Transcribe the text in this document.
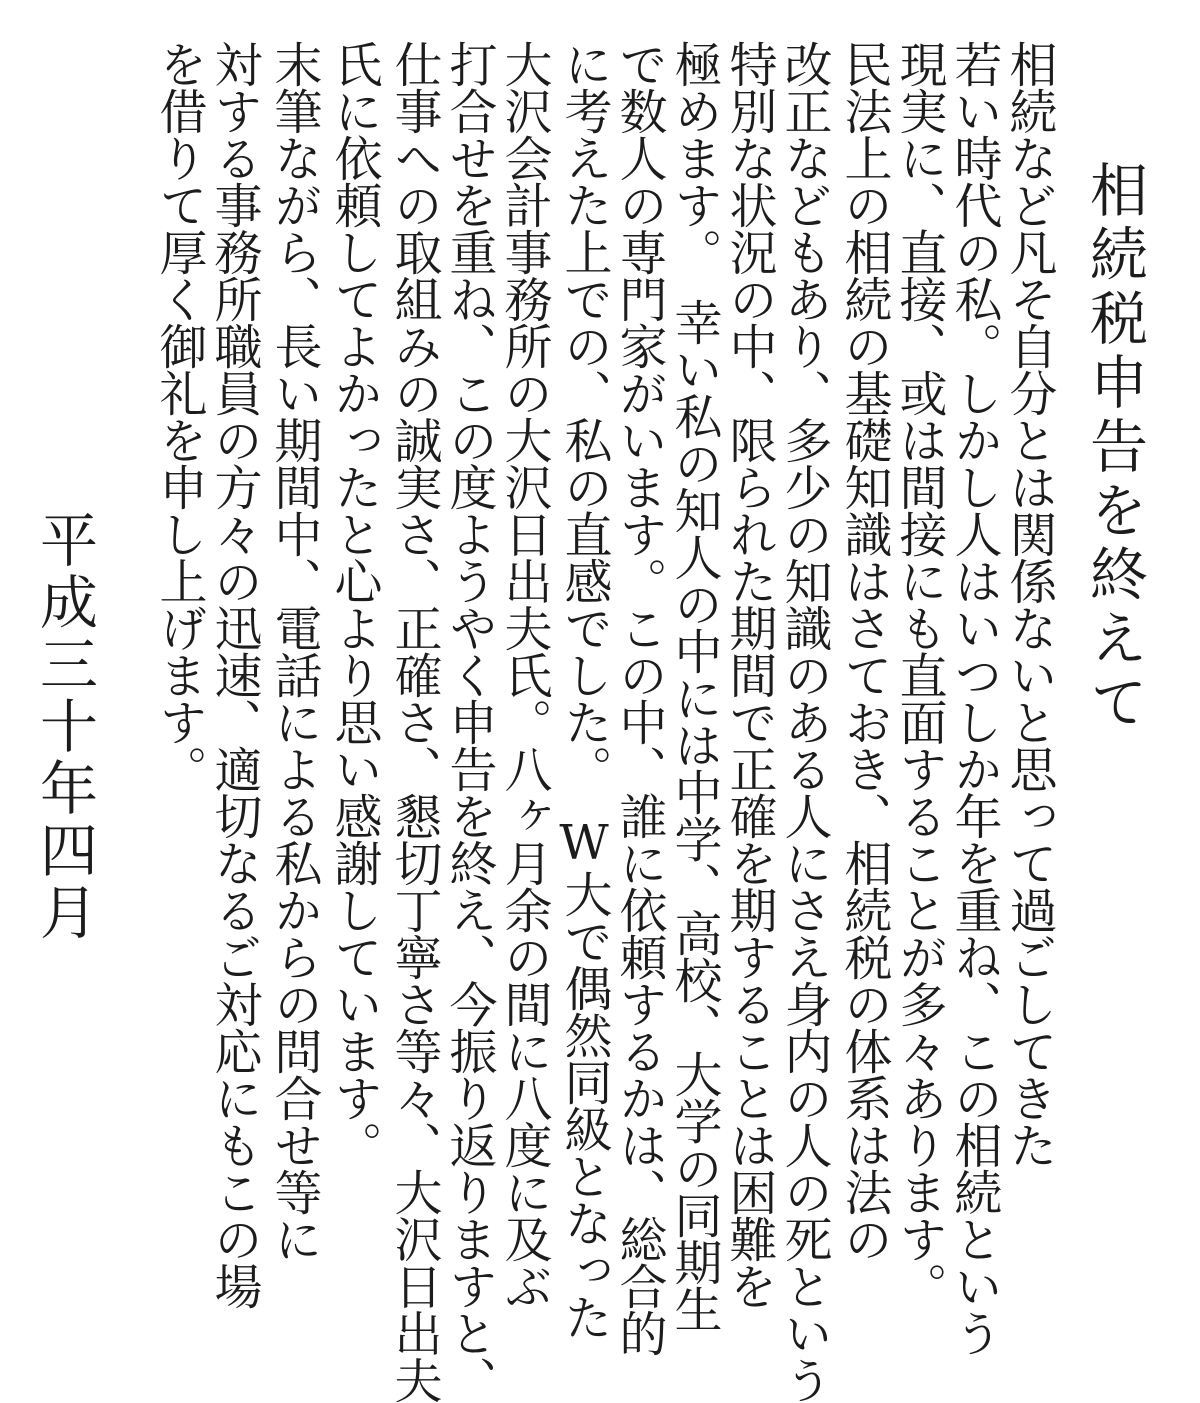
相続税申告を終えて
相続など凡そ自分とは関係ないと思って過ごしてきた
若い時代の私。しかし人はいつしか年を重ね、この相続という
現実に、直接、或は間接にも直面することが多々あります。
民法上の相続の基礎知識はさておき、相続税の体系は法の
改正などもあり、多少の知識のある人にさえ身内の人の死という
特別な状況の中、限られた期間で正確を期することは困難を
極めます。　幸い私の知人の中には中学、高校、大学の同期生
で数人の専門家がいます。この中、誰に依頼するかは、総合的
に考えた上での、私の直感でした。　W大で偶然同級となった
大沢会計事務所の大沢日出夫氏。八ヶ月余の間に八度に及ぶ
打合せを重ね、この度ようやく申告を終え、今振り返りますと、
仕事への取組みの誠実さ、正確さ、懇切丁寧さ等々、大沢日出夫
氏に依頼してよかったと心より思い感謝しています。
末筆ながら、長い期間中、電話による私からの問合せ等に
対する事務所職員の方々の迅速、適切なるご対応にもこの場
を借りて厚く御礼を申し上げます。
平成三十年四月
